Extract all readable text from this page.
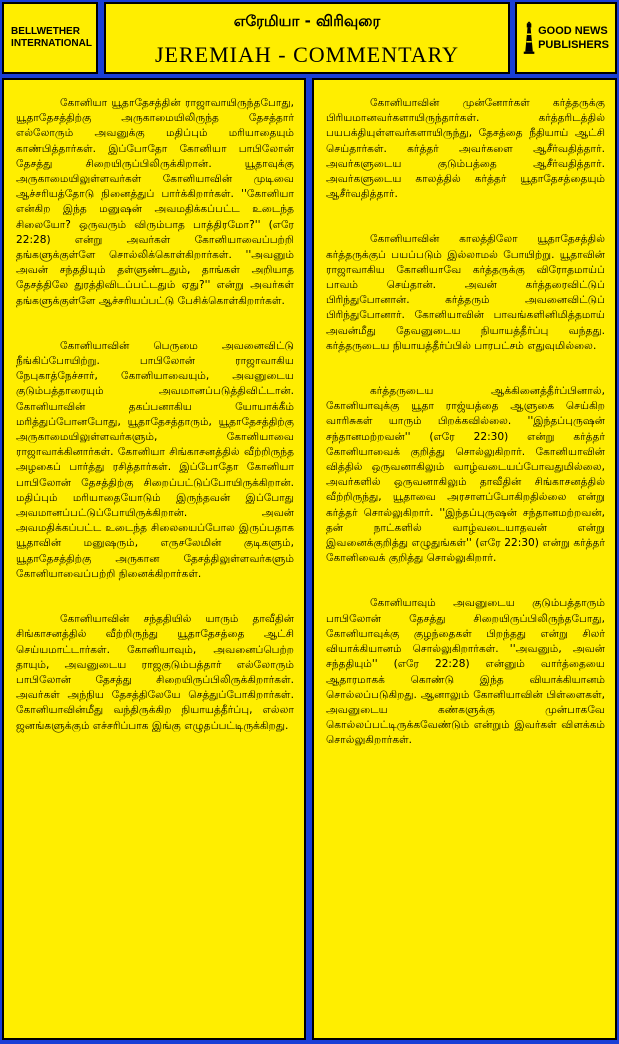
BELLWETHER
INTERNATIONAL
எரேமியா - விரிவுரை
JEREMIAH - COMMENTARY
GOOD NEWS
PUBLISHERS

கோனியா யூதாதேசத்தின் ராஜாவாயிருந்தபோது, யூதாதேசத்திற்கு அருகாமையிலிருந்த தேசத்தார் எல்லோரும் அவனுக்கு மதிப்பும் மரியாதையும் காண்பித்தார்கள். இப்போதோ கோனியா பாபிலோன் தேசத்து சிறையிருப்பிலிருக்கிறான். யூதாவுக்கு அருகாமையிலுள்ளவர்கள் கோனியாவின் முடிவை ஆச்சரியத்தோடு நினைத்துப் பார்க்கிறார்கள். ''கோனியா என்கிற இந்த மனுஷன் அவமதிக்கப்பட்ட உடைந்த சிலையோ? ஒருவரும் விரும்பாத பாத்திரமோ?'' (எரே 22:28) என்று அவர்கள் கோனியாவைப்பற்றி தங்களுக்குள்ளே சொல்லிக்கொள்கிறார்கள். ''அவனும் அவன் சந்ததியும் தள்ளுண்டதும், தாங்கள் அறியாத தேசத்திலே துரத்திவிடப்பட்டதும் ஏது?'' என்று அவர்கள் தங்களுக்குள்ளே ஆச்சரியப்பட்டு பேசிக்கொள்கிறார்கள்.

கோனியாவின் பெருமை அவனைவிட்டு நீங்கிப்போயிற்று. பாபிலோன் ராஜாவாகிய நேபுகாத்நேச்சார், கோனியாவையும், அவனுடைய குடும்பத்தாரையும் அவமானப்படுத்திவிட்டான். கோனியாவின் தகப்பனாகிய யோயாக்கீம் மரித்துப்போனபோது, யூதாதேசத்தாரும், யூதாதேசத்திற்கு அருகாமையிலுள்ளவர்களும், கோனியாவை ராஜாவாக்கினார்கள். கோனியா சிங்காசனத்தில் வீற்றிருந்த அழகைப் பார்த்து ரசித்தார்கள். இப்போதோ கோனியா பாபிலோன் தேசத்திற்கு சிறைப்பட்டுப்போயிருக்கிறான். மதிப்பும் மரியாதையோடும் இருந்தவன் இப்போது அவமானப்பட்டுப்போயிருக்கிறான். அவன் அவமதிக்கப்பட்ட உடைந்த சிலையைப்போல இருப்பதாக யூதாவின் மனுஷரும், எருசலேமின் குடிகளும், யூதாதேசத்திற்கு அருகான தேசத்திலுள்ளவர்களும் கோனியாவைப்பற்றி நினைக்கிறார்கள்.

கோனியாவின் சந்ததியில் யாரும் தாவீதின் சிங்காசனத்தில் வீற்றிருந்து யூதாதேசத்தை ஆட்சி செய்யமாட்டார்கள். கோனியாவும், அவனைப்பெற்ற தாயும், அவனுடைய ராஜகுடும்பத்தார் எல்லோரும் பாபிலோன் தேசத்து சிறையிருப்பிலிருக்கிறார்கள். அவர்கள் அந்நிய தேசத்திலேயே செத்துப்போகிறார்கள். கோனியாவின்மீது வந்திருக்கிற நியாயத்தீர்ப்பு, எல்லா ஜனங்களுக்கும் எச்சரிப்பாக இங்கு எழுதப்பட்டிருக்கிறது.

கோனியாவின் முன்னோர்கள் கர்த்தருக்கு பிரியமானவர்களாயிருந்தார்கள். கர்த்தரிடத்தில் பயபக்தியுள்ளவர்களாயிருந்து, தேசத்தை நீதியாய் ஆட்சி செய்தார்கள். கர்த்தர் அவர்களை ஆசீர்வதித்தார். அவர்களுடைய குடும்பத்தை ஆசீர்வதித்தார். அவர்களுடைய காலத்தில் கர்த்தர் யூதாதேசத்தையும் ஆசீர்வதித்தார்.

கோனியாவின் காலத்திலோ யூதாதேசத்தில் கர்த்தருக்குப் பயப்படும் இல்லாமல் போயிற்று. யூதாவின் ராஜாவாகிய கோனியாவே கர்த்தருக்கு விரோதமாய்ப் பாவம் செய்தான். அவன் கர்த்தரைவிட்டுப் பிரிந்துபோனான். கர்த்தரும் அவனைவிட்டுப் பிரிந்துபோனார். கோனியாவின் பாவங்களினிமித்தமாய் அவன்மீது தேவனுடைய நியாயத்தீர்ப்பு வந்தது. கர்த்தருடைய நியாயத்தீர்ப்பில் பாரபட்சம் எதுவுமில்லை.

கர்த்தருடைய ஆக்கினைத்தீர்ப்பினால், கோனியாவுக்கு யூதா ராஜ்யத்தை ஆளுகை செய்கிற வாரிசுகள் யாரும் பிறக்கவில்லை. ''இந்தப்புருஷன் சந்தானமற்றவன்'' (எரே 22:30) என்று கர்த்தர் கோனியாவைக் குறித்து சொல்லுகிறார். கோனியாவின் வித்தில் ஒருவனாகிலும் வாழ்வடையப்போவதுமில்லை, அவர்களில் ஒருவனாகிலும் தாவீதின் சிங்காசனத்தில் வீற்றிருந்து, யூதாவை அரசாளப்போகிறதில்லை என்று கர்த்தர் சொல்லுகிறார். ''இந்தப்புருஷன் சந்தானமற்றவன், தன் நாட்களில் வாழ்வடையாதவன் என்று இவனைக்குறித்து எழுதுங்கள்'' (எரே 22:30) என்று கர்த்தர் கோனிவைக் குறித்து சொல்லுகிறார்.

கோனியாவும் அவனுடைய குடும்பத்தாரும் பாபிலோன் தேசத்து சிறையிருப்பிலிருந்தபோது, கோனியாவுக்கு குழந்தைகள் பிறந்தது என்று சிலர் வியாக்கியானம் சொல்லுகிறார்கள். ''அவனும், அவன் சந்ததியும்'' (எரே 22:28) என்னும் வார்த்தையை ஆதாரமாகக் கொண்டு இந்த வியாக்கியானம் சொல்லப்படுகிறது. ஆனாலும் கோனியாவின் பிள்ளைகள், அவனுடைய கண்களுக்கு முன்பாகவே கொல்லப்பட்டிருக்கவேண்டும் என்றும் இவர்கள் விளக்கம் சொல்லுகிறார்கள்.
